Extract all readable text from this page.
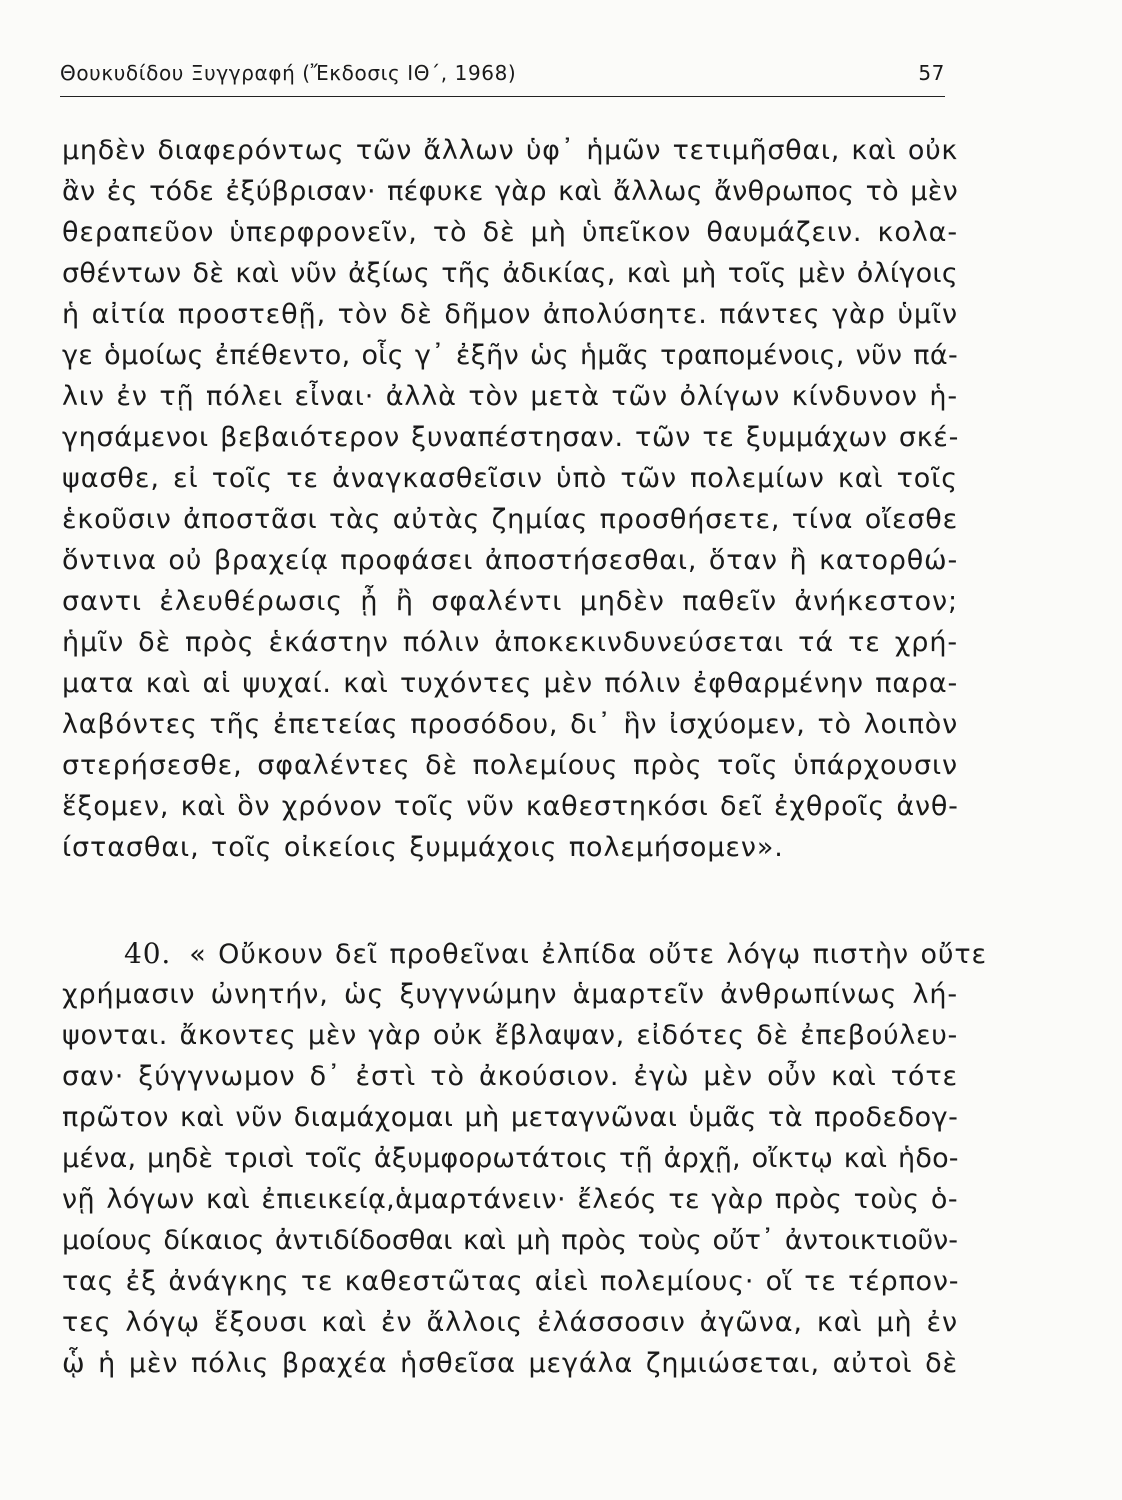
Θουκυδίδου Ξυγγραφή (Ἔκδοσις ΙΘ΄, 1968)	57
μηδὲν διαφερόντως τῶν ἄλλων ὑφ᾽ ἡμῶν τετιμῆσθαι, καὶ οὐκ
ἂν ἐς τόδε ἐξύβρισαν· πέφυκε γὰρ καὶ ἄλλως ἄνθρωπος τὸ μὲν
θεραπεῦον ὑπερφρονεῖν, τὸ δὲ μὴ ὑπεῖκον θαυμάζειν. κολα-
σθέντων δὲ καὶ νῦν ἀξίως τῆς ἀδικίας, καὶ μὴ τοῖς μὲν ὀλίγοις
ἡ αἰτία προστεθῇ, τὸν δὲ δῆμον ἀπολύσητε. πάντες γὰρ ὑμῖν
γε ὁμοίως ἐπέθεντο, οἷς γ᾽ ἐξῆν ὡς ἡμᾶς τραπομένοις, νῦν πά-
λιν ἐν τῇ πόλει εἶναι· ἀλλὰ τὸν μετὰ τῶν ὀλίγων κίνδυνον ἡ-
γησάμενοι βεβαιότερον ξυναπέστησαν. τῶν τε ξυμμάχων σκέ-
ψασθε, εἰ τοῖς τε ἀναγκασθεῖσιν ὑπὸ τῶν πολεμίων καὶ τοῖς
ἑκοῦσιν ἀποστᾶσι τὰς αὐτὰς ζημίας προσθήσετε, τίνα οἴεσθε
ὅντινα οὐ βραχείᾳ προφάσει ἀποστήσεσθαι, ὅταν ἢ κατορθώ-
σαντι ἐλευθέρωσις ᾖ ἢ σφαλέντι μηδὲν παθεῖν ἀνήκεστον;
ἡμῖν δὲ πρὸς ἑκάστην πόλιν ἀποκεκινδυνεύσεται τά τε χρή-
ματα καὶ αἱ ψυχαί. καὶ τυχόντες μὲν πόλιν ἐφθαρμένην παρα-
λαβόντες τῆς ἐπετείας προσόδου, δι᾽ ἣν ἰσχύομεν, τὸ λοιπὸν
στερήσεσθε, σφαλέντες δὲ πολεμίους πρὸς τοῖς ὑπάρχουσιν
ἕξομεν, καὶ ὃν χρόνον τοῖς νῦν καθεστηκόσι δεῖ ἐχθροῖς ἀνθ-
ίστασθαι, τοῖς οἰκείοις ξυμμάχοις πολεμήσομεν».
40. « Οὔκουν δεῖ προθεῖναι ἐλπίδα οὔτε λόγῳ πιστὴν οὔτε
χρήμασιν ὠνητήν, ὡς ξυγγνώμην ἁμαρτεῖν ἀνθρωπίνως λή-
ψονται. ἄκοντες μὲν γὰρ οὐκ ἔβλαψαν, εἰδότες δὲ ἐπεβούλευ-
σαν· ξύγγνωμον δ᾽ ἐστὶ τὸ ἀκούσιον. ἐγὼ μὲν οὖν καὶ τότε
πρῶτον καὶ νῦν διαμάχομαι μὴ μεταγνῶναι ὑμᾶς τὰ προδεδογ-
μένα, μηδὲ τρισὶ τοῖς ἀξυμφορωτάτοις τῇ ἀρχῇ, οἴκτῳ καὶ ἡδο-
νῇ λόγων καὶ ἐπιεικείᾳ,ἁμαρτάνειν· ἔλεός τε γὰρ πρὸς τοὺς ὁ-
μοίους δίκαιος ἀντιδίδοσθαι καὶ μὴ πρὸς τοὺς οὔτ᾽ ἀντοικτιοῦν-
τας ἐξ ἀνάγκης τε καθεστῶτας αἰεὶ πολεμίους· οἵ τε τέρπον-
τες λόγῳ ἕξουσι καὶ ἐν ἄλλοις ἐλάσσοσιν ἀγῶνα, καὶ μὴ ἐν
ᾧ ἡ μὲν πόλις βραχέα ἡσθεῖσα μεγάλα ζημιώσεται, αὐτοὶ δὲ
